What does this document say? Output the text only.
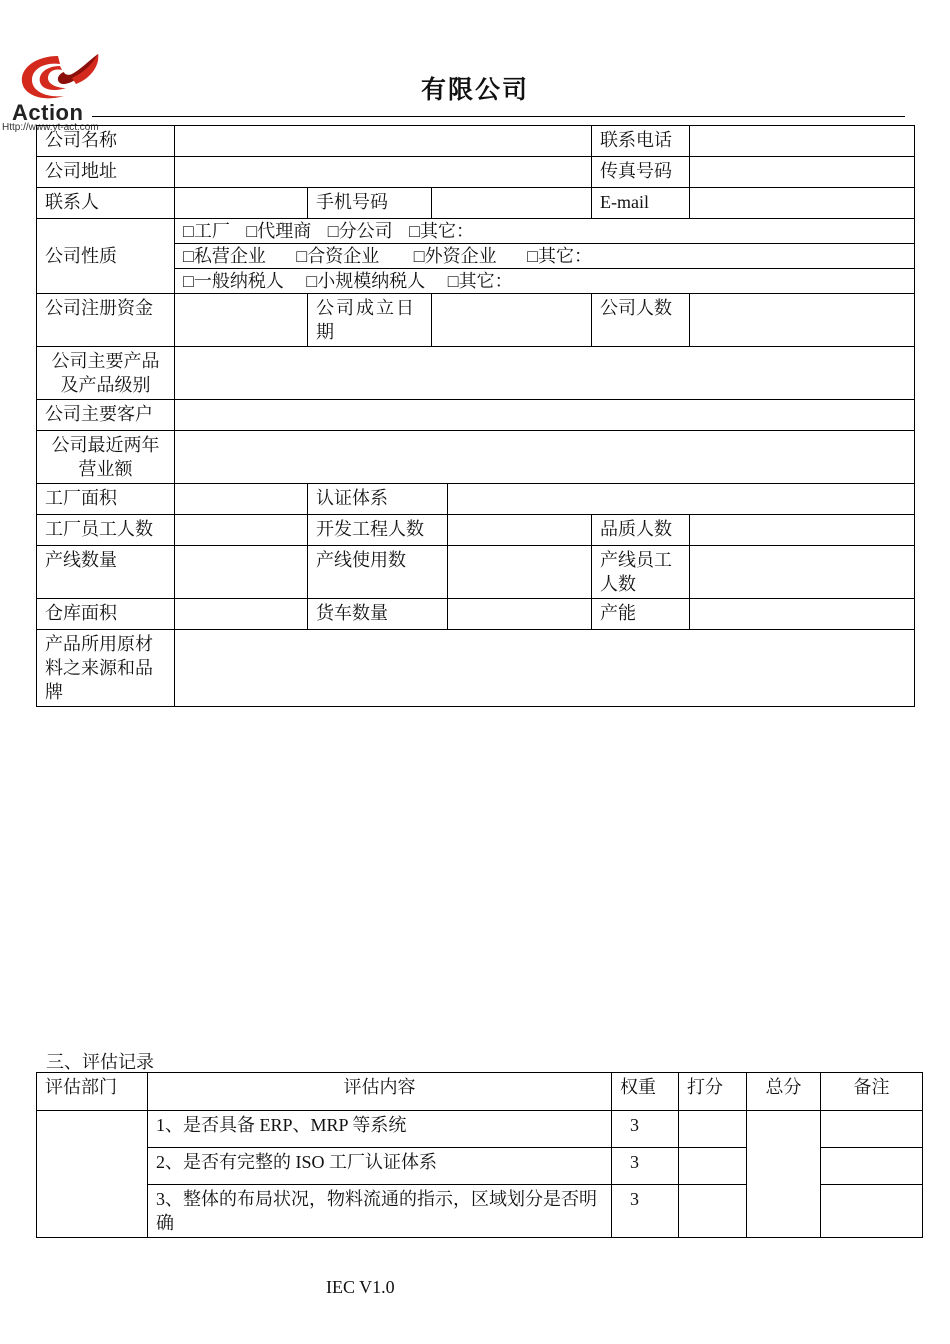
Action
Http://www.yt-act.com
有限公司
公司名称					联系电话	
公司地址					传真号码	
联系人		手机号码			E-mail	
公司性质	□工厂 □代理商 □分公司 □其它：					
	□私营企业 □合资企业 □外资企业 □其它：					
	□一般纳税人 □小规模纳税人 □其它：					
公司注册资金		公司成立日期			公司人数	
公司主要产品及产品级别						
公司主要客户						
公司最近两年营业额						
工厂面积		认证体系				
工厂员工人数		开发工程人数			品质人数	
产线数量		产线使用数			产线员工人数	
仓库面积		货车数量			产能	
产品所用原材料之来源和品牌						
三、评估记录
评估部门	评估内容	权重	打分	总分	备注
	1、是否具备 ERP、MRP 等系统	3			
	2、是否有完整的 ISO 工厂认证体系	3			
	3、整体的布局状况，物料流通的指示，区域划分是否明确	3			
IEC V1.0
